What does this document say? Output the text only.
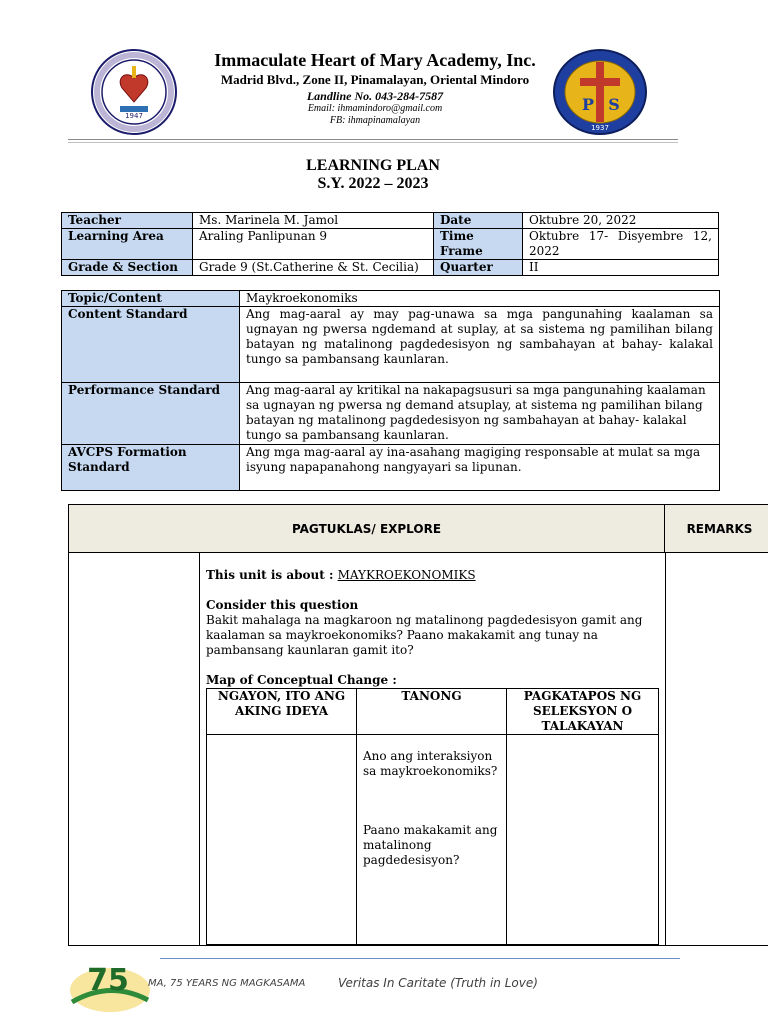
1947
Immaculate Heart of Mary Academy, Inc.
Madrid Blvd., Zone II, Pinamalayan, Oriental Mindoro
Landline No. 043-284-7587
Email: ihmamindoro@gmail.com
FB: ihmapinamalayan
P S
1937
LEARNING PLAN
S.Y. 2022 – 2023
Teacher	Ms. Marinela M. Jamol	Date	Oktubre 20, 2022
Learning Area	Araling Panlipunan 9	Time Frame	Oktubre 17- Disyembre 12, 2022
Grade & Section	Grade 9 (St.Catherine & St. Cecilia)	Quarter	II
Topic/Content	Maykroekonomiks
Content Standard	Ang mag-aaral ay may pag-unawa sa mga pangunahing kaalaman sa ugnayan ng pwersa ngdemand at suplay, at sa sistema ng pamilihan bilang batayan ng matalinong pagdedesisyon ng sambahayan at bahay- kalakal tungo sa pambansang kaunlaran.
Performance Standard	Ang mag-aaral ay kritikal na nakapagsusuri sa mga pangunahing kaalaman sa ugnayan ng pwersa ng demand atsuplay, at sistema ng pamilihan bilang batayan ng matalinong pagdedesisyon ng sambahayan at bahay- kalakal tungo sa pambansang kaunlaran.
AVCPS Formation Standard	Ang mga mag-aaral ay ina-asahang magiging responsable at mulat sa mga isyung napapanahong nangyayari sa lipunan.
PAGTUKLAS/ EXPLORE	REMARKS
This unit is about : MAYKROEKONOMIKS
Consider this question
Bakit mahalaga na magkaroon ng matalinong pagdedesisyon gamit ang kaalaman sa maykroekonomiks? Paano makakamit ang tunay na pambansang kaunlaran gamit ito?
Map of Conceptual Change :
NGAYON, ITO ANG AKING IDEYA	TANONG	PAGKATAPOS NG SELEKSYON O TALAKAYAN

	Ano ang interaksiyon sa maykroekonomiks?
Paano makakamit ang matalinong pagdedesisyon?	

75 MA, 75 YEARS NG MAGKASAMA	Veritas In Caritate (Truth in Love)
